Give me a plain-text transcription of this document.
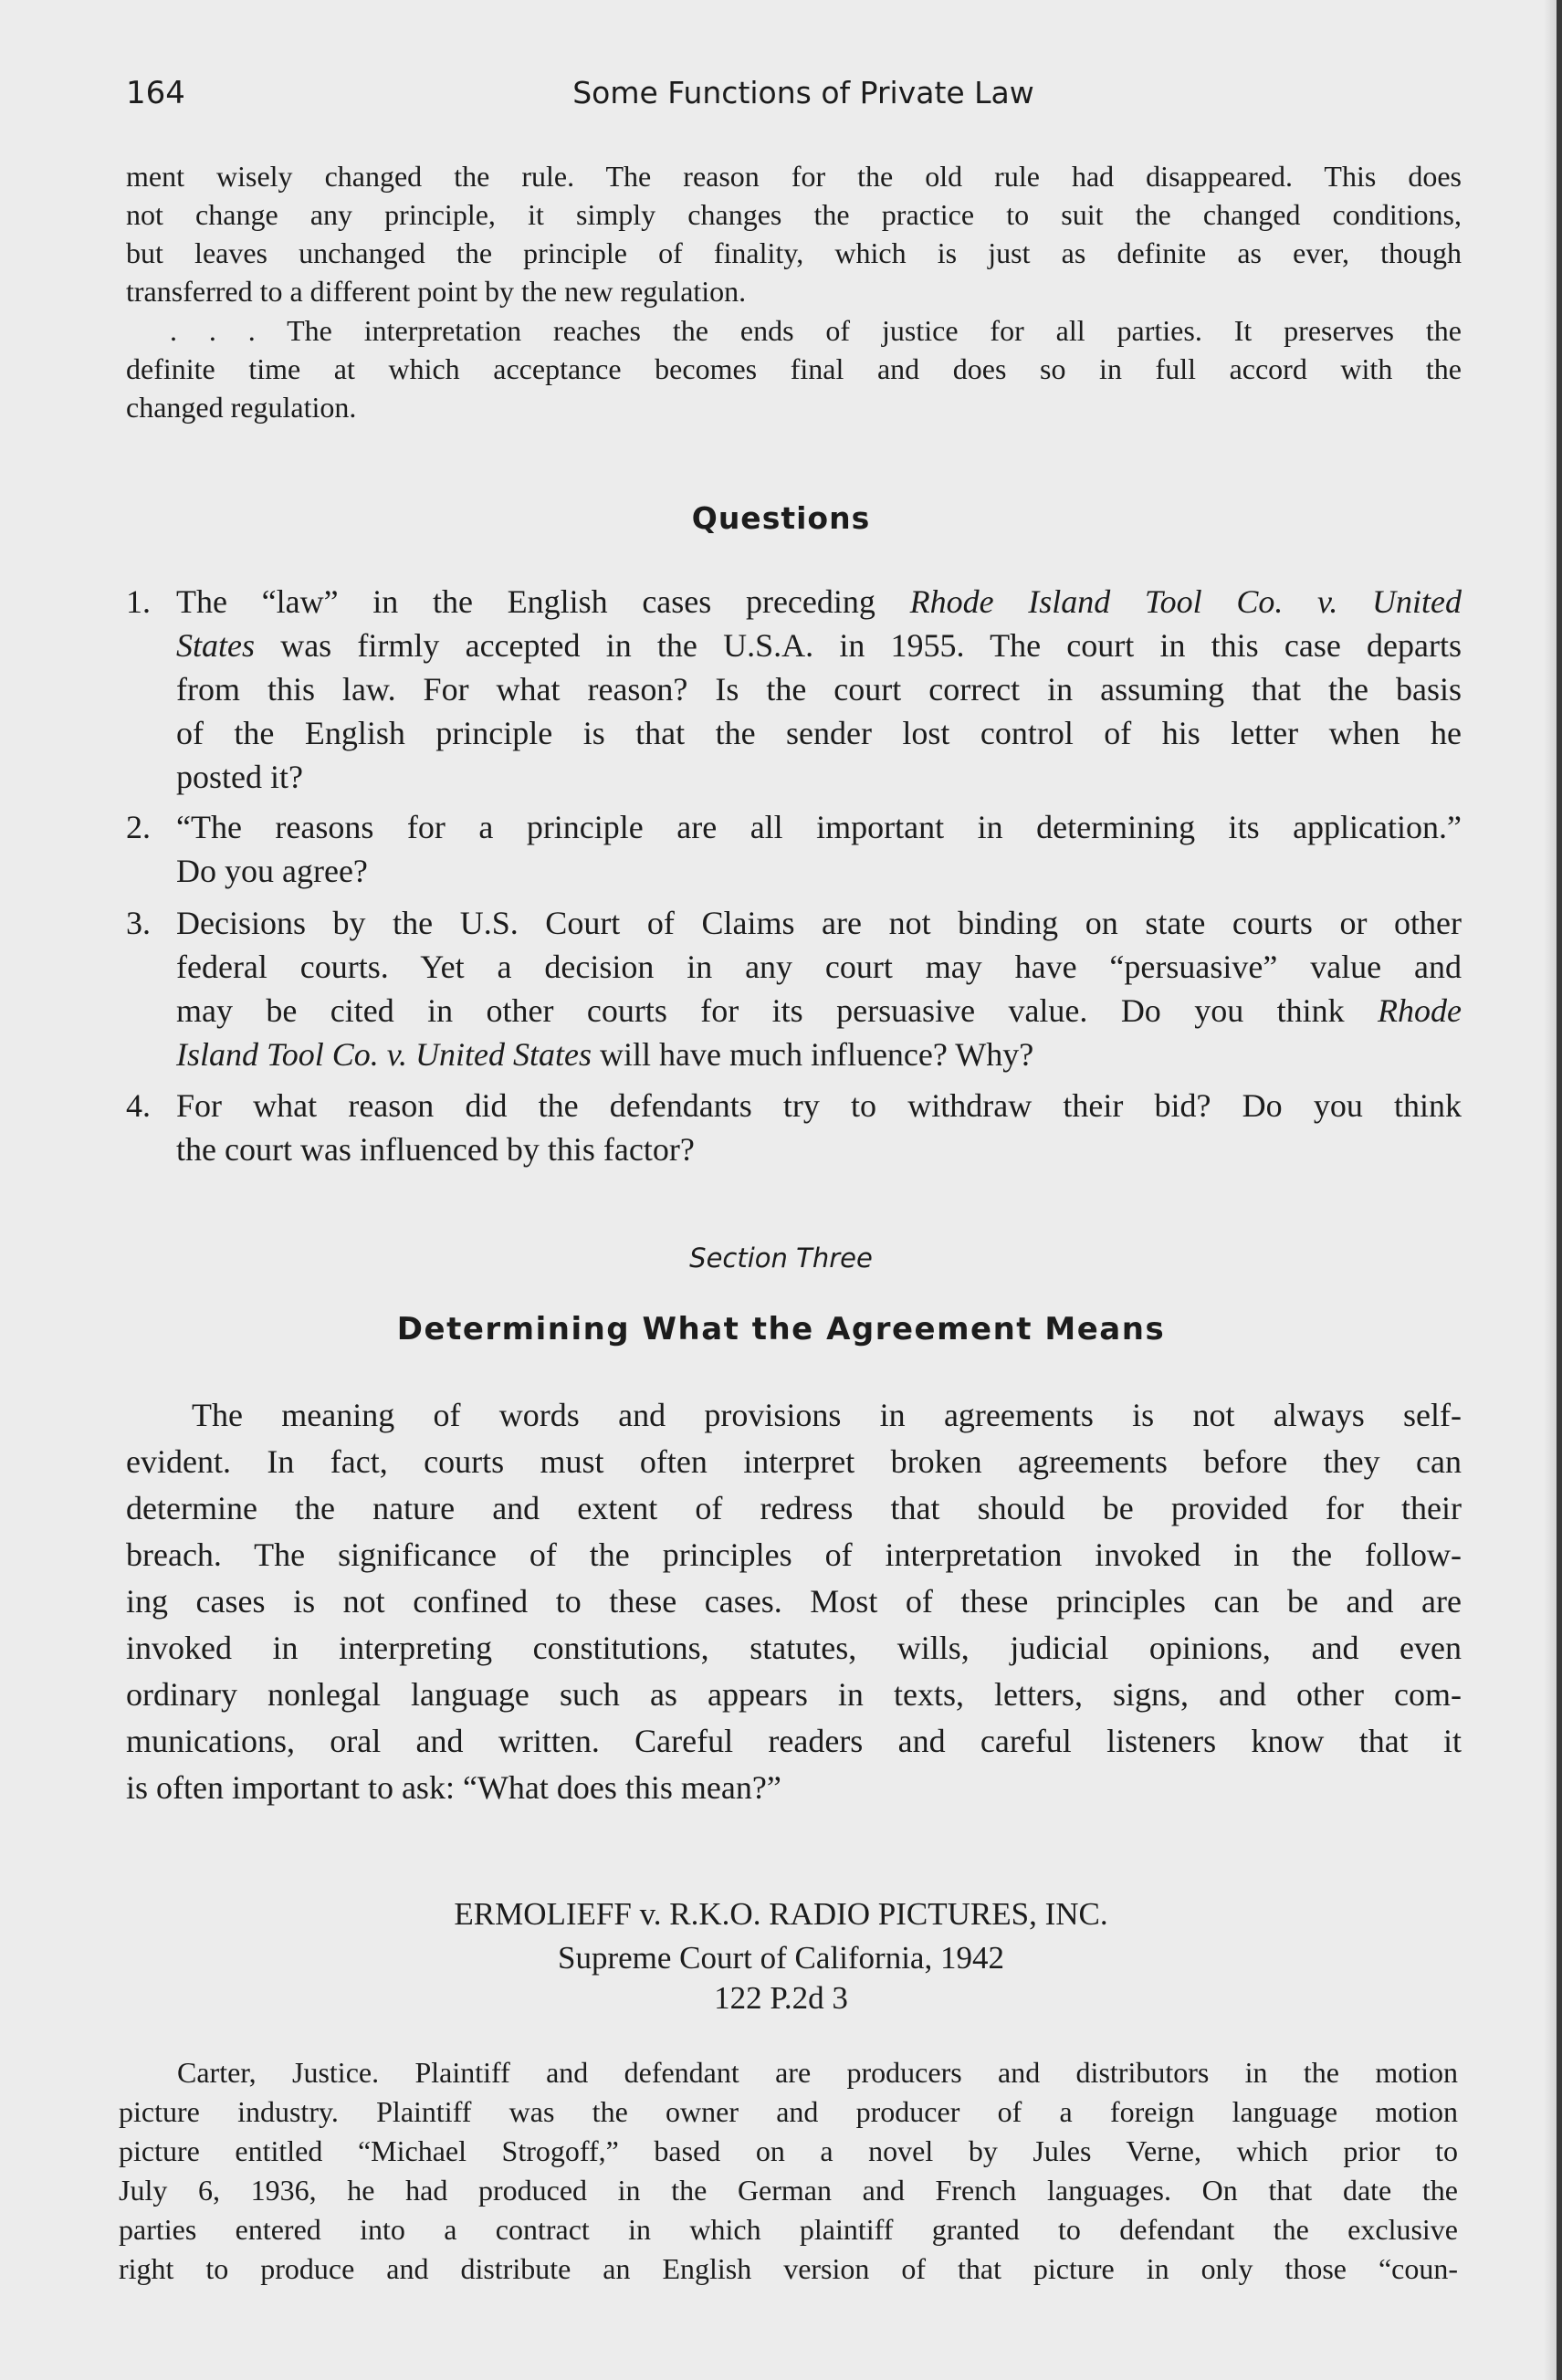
164	Some Functions of Private Law
ment wisely changed the rule. The reason for the old rule had disappeared. This does
not change any principle, it simply changes the practice to suit the changed conditions,
but leaves unchanged the principle of finality, which is just as definite as ever, though
transferred to a different point by the new regulation.
  . . . The interpretation reaches the ends of justice for all parties. It preserves the
definite time at which acceptance becomes final and does so in full accord with the
changed regulation.
Questions
1. The “law” in the English cases preceding Rhode Island Tool Co. v. United
States was firmly accepted in the U.S.A. in 1955. The court in this case departs
from this law. For what reason? Is the court correct in assuming that the basis
of the English principle is that the sender lost control of his letter when he
posted it?
2. “The reasons for a principle are all important in determining its application.”
Do you agree?
3. Decisions by the U.S. Court of Claims are not binding on state courts or other
federal courts. Yet a decision in any court may have “persuasive” value and
may be cited in other courts for its persuasive value. Do you think Rhode
Island Tool Co. v. United States will have much influence? Why?
4. For what reason did the defendants try to withdraw their bid? Do you think
the court was influenced by this factor?
Section Three
Determining What the Agreement Means
  The meaning of words and provisions in agreements is not always self-
evident. In fact, courts must often interpret broken agreements before they can
determine the nature and extent of redress that should be provided for their
breach. The significance of the principles of interpretation invoked in the follow-
ing cases is not confined to these cases. Most of these principles can be and are
invoked in interpreting constitutions, statutes, wills, judicial opinions, and even
ordinary nonlegal language such as appears in texts, letters, signs, and other com-
munications, oral and written. Careful readers and careful listeners know that it
is often important to ask: “What does this mean?”
ERMOLIEFF v. R.K.O. RADIO PICTURES, INC.
Supreme Court of California, 1942
122 P.2d 3
  Carter, Justice. Plaintiff and defendant are producers and distributors in the motion
picture industry. Plaintiff was the owner and producer of a foreign language motion
picture entitled “Michael Strogoff,” based on a novel by Jules Verne, which prior to
July 6, 1936, he had produced in the German and French languages. On that date the
parties entered into a contract in which plaintiff granted to defendant the exclusive
right to produce and distribute an English version of that picture in only those “coun-
